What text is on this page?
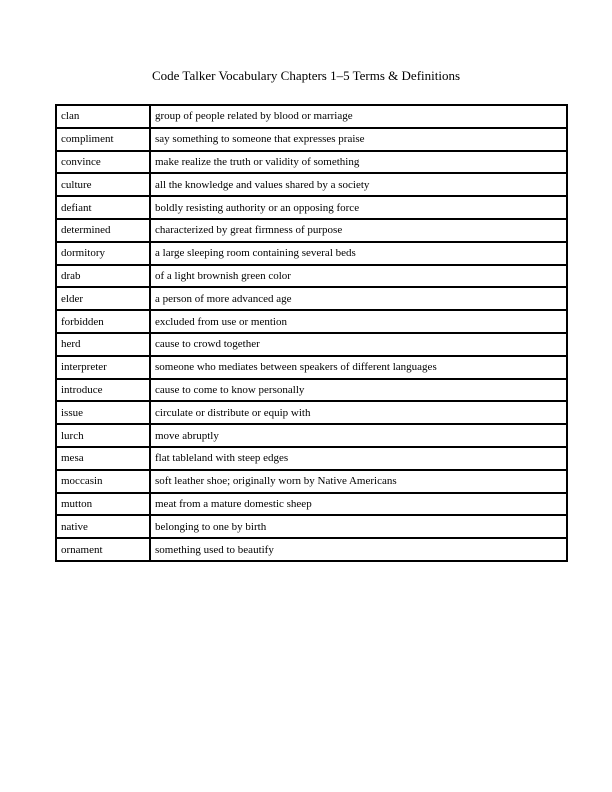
Code Talker Vocabulary Chapters 1–5 Terms & Definitions
clan	group of people related by blood or marriage
compliment	say something to someone that expresses praise
convince	make realize the truth or validity of something
culture	all the knowledge and values shared by a society
defiant	boldly resisting authority or an opposing force
determined	characterized by great firmness of purpose
dormitory	a large sleeping room containing several beds
drab	of a light brownish green color
elder	a person of more advanced age
forbidden	excluded from use or mention
herd	cause to crowd together
interpreter	someone who mediates between speakers of different languages
introduce	cause to come to know personally
issue	circulate or distribute or equip with
lurch	move abruptly
mesa	flat tableland with steep edges
moccasin	soft leather shoe; originally worn by Native Americans
mutton	meat from a mature domestic sheep
native	belonging to one by birth
ornament	something used to beautify
